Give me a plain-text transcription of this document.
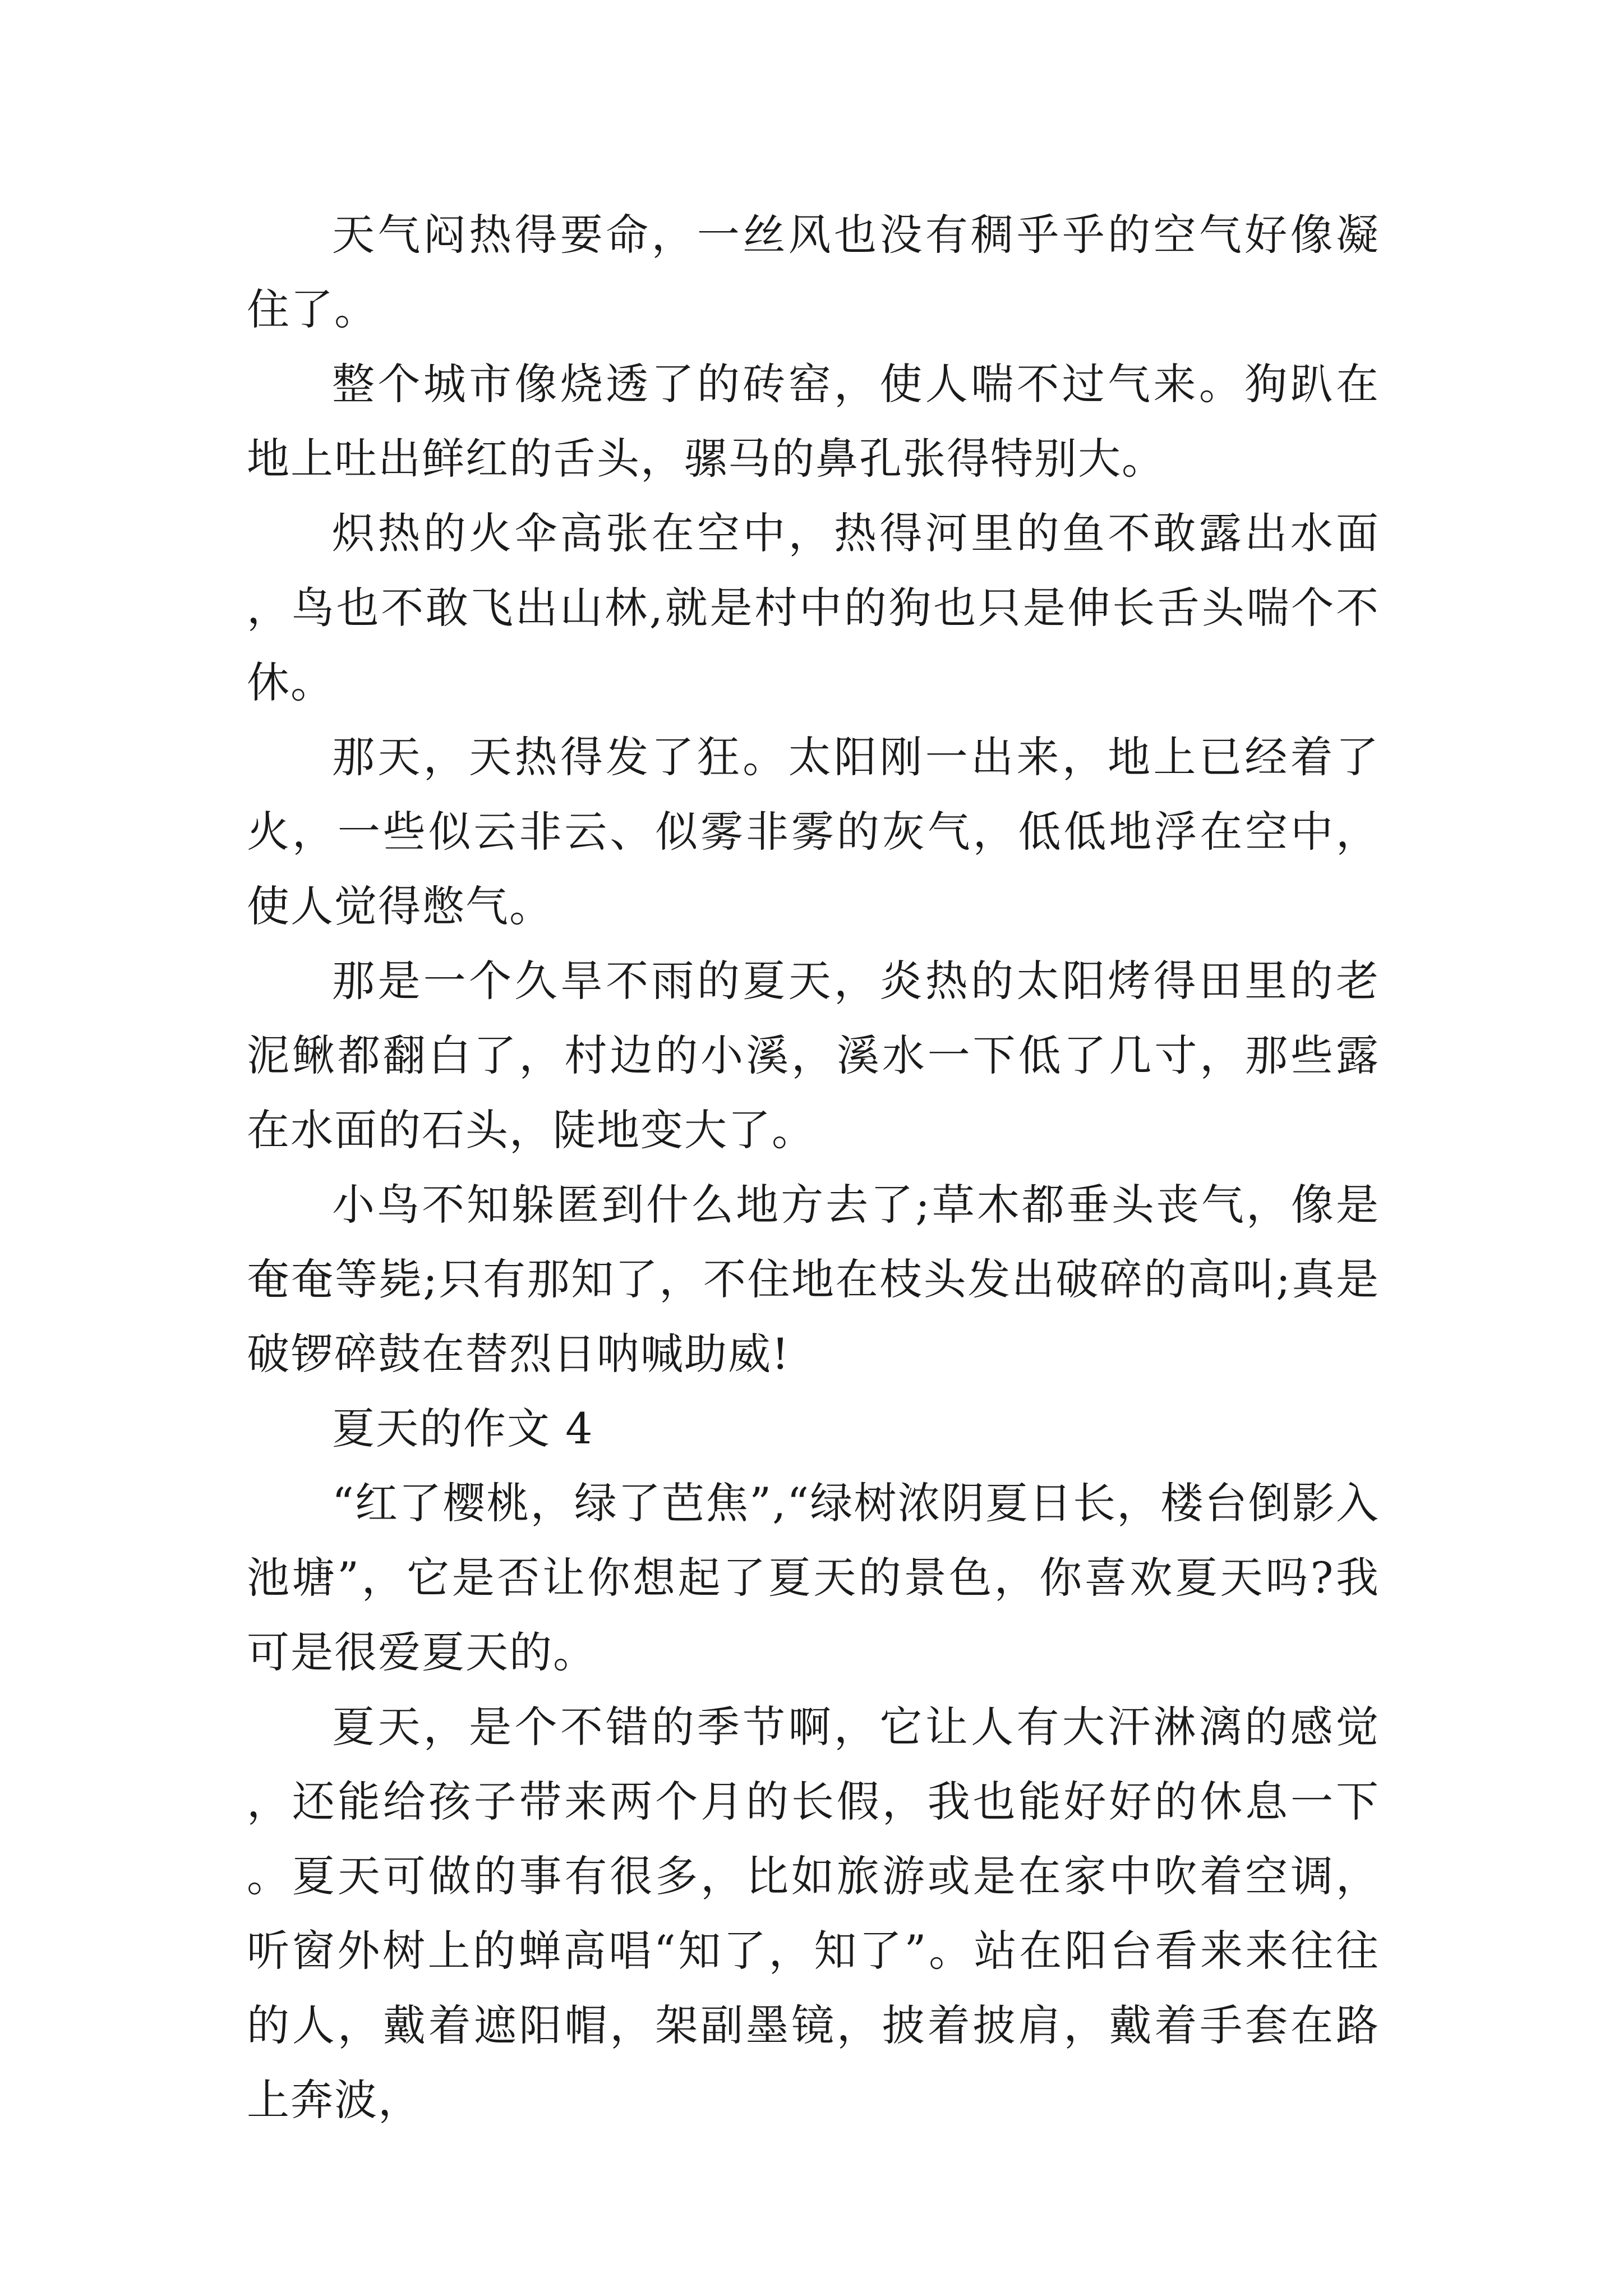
天气闷热得要命，一丝风也没有稠乎乎的空气好像凝住了。

整个城市像烧透了的砖窑，使人喘不过气来。狗趴在地上吐出鲜红的舌头，骡马的鼻孔张得特别大。

炽热的火伞高张在空中，热得河里的鱼不敢露出水面，鸟也不敢飞出山林,就是村中的狗也只是伸长舌头喘个不休。

那天，天热得发了狂。太阳刚一出来，地上已经着了火，一些似云非云、似雾非雾的灰气，低低地浮在空中，使人觉得憋气。

那是一个久旱不雨的夏天，炎热的太阳烤得田里的老泥鳅都翻白了，村边的小溪，溪水一下低了几寸，那些露在水面的石头，陡地变大了。

小鸟不知躲匿到什么地方去了;草木都垂头丧气，像是奄奄等毙;只有那知了，不住地在枝头发出破碎的高叫;真是破锣碎鼓在替烈日呐喊助威!

夏天的作文 4

“红了樱桃，绿了芭焦”,“绿树浓阴夏日长，楼台倒影入池塘”，它是否让你想起了夏天的景色，你喜欢夏天吗?我可是很爱夏天的。

夏天，是个不错的季节啊，它让人有大汗淋漓的感觉，还能给孩子带来两个月的长假，我也能好好的休息一下。夏天可做的事有很多，比如旅游或是在家中吹着空调，听窗外树上的蝉高唱“知了，知了”。站在阳台看来来往往的人，戴着遮阳帽，架副墨镜，披着披肩，戴着手套在路上奔波，
